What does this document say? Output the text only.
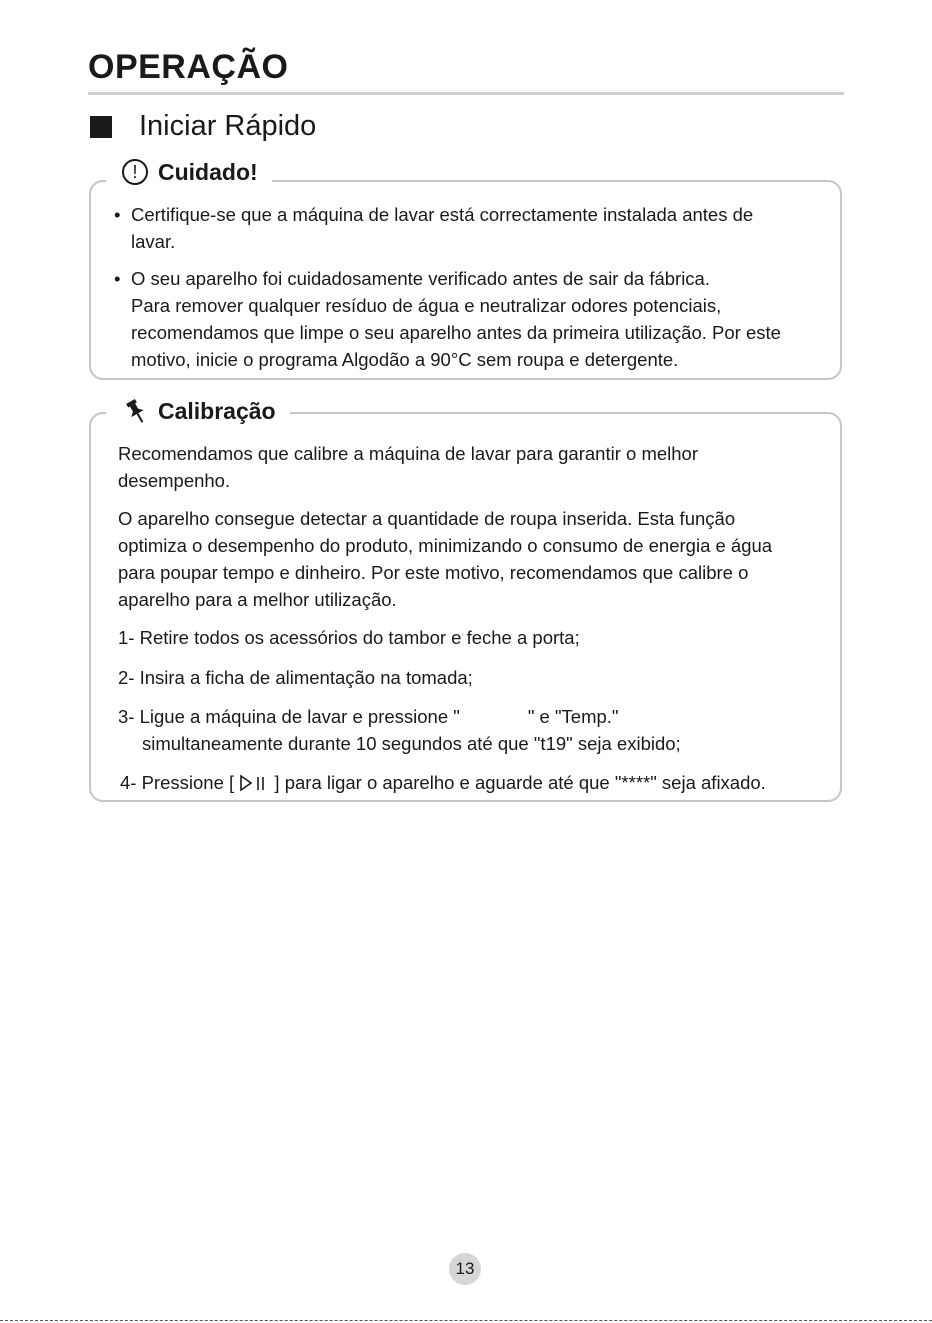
OPERAÇÃO
Iniciar Rápido
! Cuidado!
• Certifique-se que a máquina de lavar está correctamente instalada antes de

lavar.

• O seu aparelho foi cuidadosamente verificado antes de sair da fábrica.

Para remover qualquer resíduo de água e neutralizar odores potenciais,

recomendamos que limpe o seu aparelho antes da primeira utilização. Por este

motivo, inicie o programa Algodão a 90°C sem roupa e detergente.

Calibração

Recomendamos que calibre a máquina de lavar para garantir o melhor

desempenho.

O aparelho consegue detectar a quantidade de roupa inserida. Esta função

optimiza o desempenho do produto, minimizando o consumo de energia e água

para poupar tempo e dinheiro. Por este motivo, recomendamos que calibre o

aparelho para a melhor utilização.

1- Retire todos os acessórios do tambor e feche a porta;

2- Insira a ficha de alimentação na tomada;

3- Ligue a máquina de lavar e pressione "	" e "Temp."

simultaneamente durante 10 segundos até que "t19" seja exibido;

4- Pressione [ ] para ligar o aparelho e aguarde até que "****" seja afixado.

13
